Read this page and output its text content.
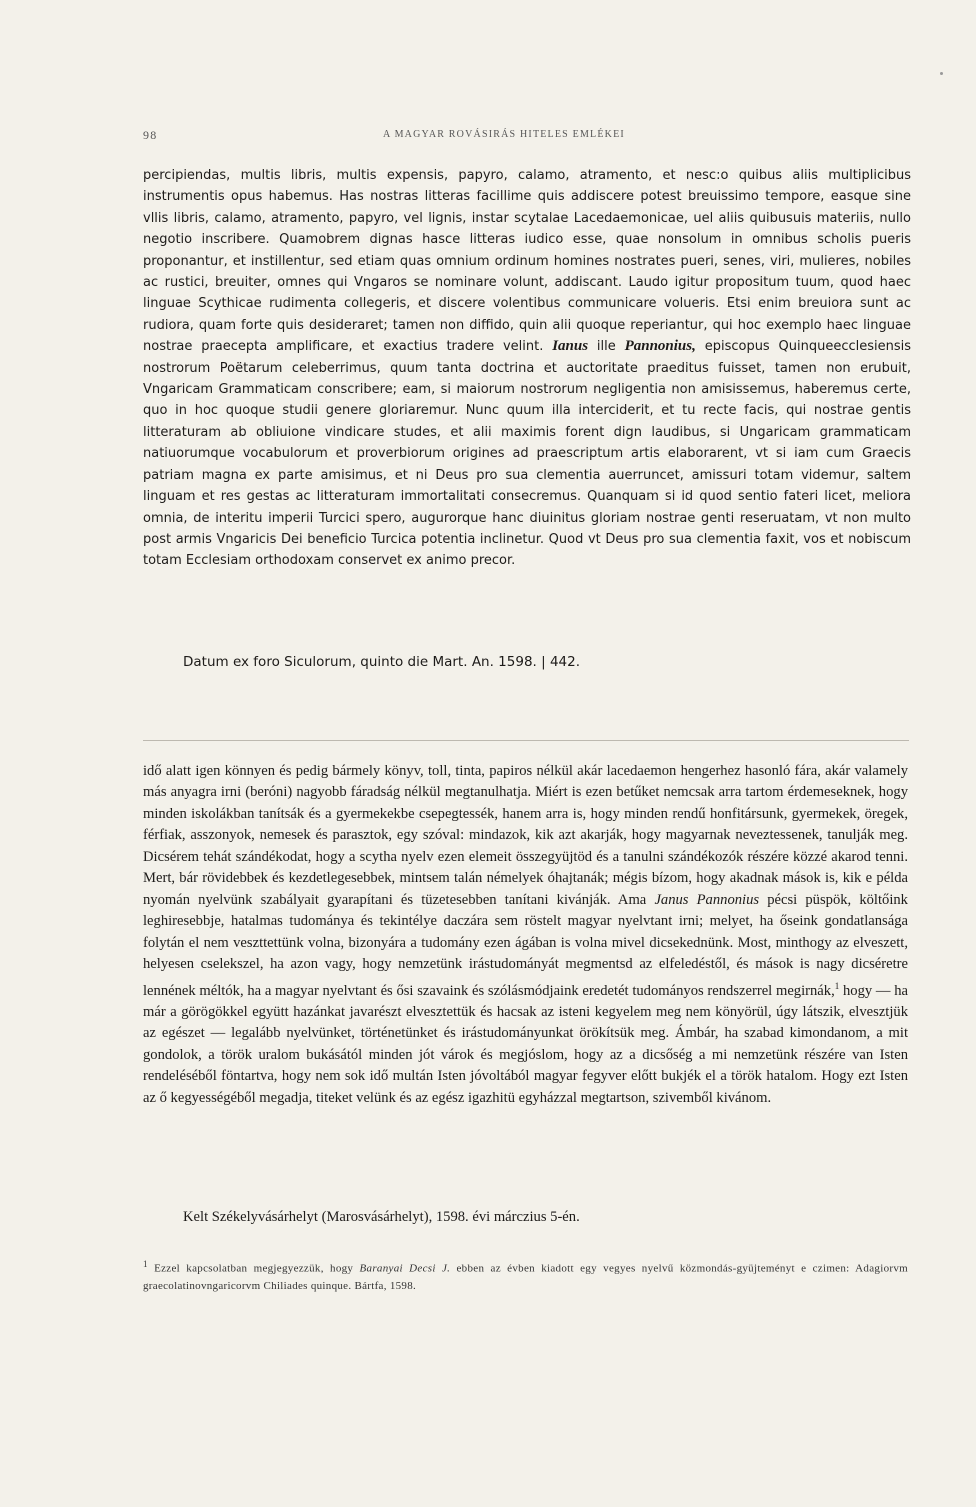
98	A MAGYAR ROVÁSIRÁS HITELES EMLÉKEI

percipiendas, multis libris, multis expensis, papyro, calamo, atramento, et nesc:o quibus aliis multiplicibus instrumentis opus habemus. Has nostras litteras facillime quis addiscere potest breuissimo tempore, easque sine vllis libris, calamo, atramento, papyro, vel lignis, instar scytalae Lacedaemonicae, uel aliis quibusuis materiis, nullo negotio inscribere. Quamobrem dignas hasce litteras iudico esse, quae nonsolum in omnibus scholis pueris proponantur, et instillentur, sed etiam quas omnium ordinum homines nostrates pueri, senes, viri, mulieres, nobiles ac rustici, breuiter, omnes qui Vngaros se nominare volunt, addiscant. Laudo igitur propositum tuum, quod haec linguae Scythicae rudimenta collegeris, et discere volentibus communicare volueris. Etsi enim breuiora sunt ac rudiora, quam forte quis desideraret; tamen non diffido, quin alii quoque reperiantur, qui hoc exemplo haec linguae nostrae praecepta amplificare, et exactius tradere velint. Ianus ille Pannonius, episcopus Quinqueecclesiensis nostrorum Poëtarum celeberrimus, quum tanta doctrina et auctoritate praeditus fuisset, tamen non erubuit, Vngaricam Grammaticam conscribere; eam, si maiorum nostrorum negligentia non amisissemus, haberemus certe, quo in hoc quoque studii genere gloriaremur. Nunc quum illa interciderit, et tu recte facis, qui nostrae gentis litteraturam ab obliuione vindicare studes, et alii maximis forent dign laudibus, si Ungaricam grammaticam natiuorumque vocabulorum et proverbiorum origines ad praescriptum artis elaborarent, vt si iam cum Graecis patriam magna ex parte amisimus, et ni Deus pro sua clementia auerruncet, amissuri totam videmur, saltem linguam et res gestas ac litteraturam immortalitati consecremus. Quanquam si id quod sentio fateri licet, meliora omnia, de interitu imperii Turcici spero, augurorque hanc diuinitus gloriam nostrae genti reseruatam, vt non multo post armis Vngaricis Dei beneficio Turcica potentia inclinetur. Quod vt Deus pro sua clementia faxit, vos et nobiscum totam Ecclesiam orthodoxam conservet ex animo precor.

Datum ex foro Siculorum, quinto die Mart. An. 1598. | 442.

idő alatt igen könnyen és pedig bármely könyv, toll, tinta, papiros nélkül akár lacedaemon hengerhez hasonló fára, akár valamely más anyagra irni (beróni) nagyobb fáradság nélkül megtanulhatja. Miért is ezen betűket nemcsak arra tartom érdemeseknek, hogy minden iskolákban tanítsák és a gyermekekbe csepegtessék, hanem arra is, hogy minden rendű honfitársunk, gyermekek, öregek, férfiak, asszonyok, nemesek és parasztok, egy szóval: mindazok, kik azt akarják, hogy magyarnak neveztessenek, tanulják meg. Dicsérem tehát szándékodat, hogy a scytha nyelv ezen elemeit összegyüjtöd és a tanulni szándékozók részére közzé akarod tenni. Mert, bár rövidebbek és kezdetlegesebbek, mintsem talán némelyek óhajtanák; mégis bízom, hogy akadnak mások is, kik e példa nyomán nyelvünk szabályait gyarapítani és tüzetesebben tanítani kivánják. Ama Janus Pannonius pécsi püspök, költőink leghiresebbje, hatalmas tudománya és tekintélye daczára sem röstelt magyar nyelvtant irni; melyet, ha őseink gondatlansága folytán el nem veszttettünk volna, bizonyára a tudomány ezen ágában is volna mivel dicsekednünk. Most, minthogy az elveszett, helyesen cselekszel, ha azon vagy, hogy nemzetünk irástudományát megmentsd az elfeledéstől, és mások is nagy dicséretre lennének méltók, ha a magyar nyelvtant és ősi szavaink és szólásmódjaink eredetét tudományos rendszerrel megirnák,$^1$ hogy — ha már a görögökkel együtt hazánkat javarészt elvesztettük és hacsak az isteni kegyelem meg nem könyörül, úgy látszik, elvesztjük az egészet — legalább nyelvünket, történetünket és irástudományunkat örökítsük meg. Ámbár, ha szabad kimondanom, a mit gondolok, a török uralom bukásától minden jót várok és megjóslom, hogy az a dicsőség a mi nemzetünk részére van Isten rendeléséből föntartva, hogy nem sok idő multán Isten jóvoltából magyar fegyver előtt bukjék el a török hatalom. Hogy ezt Isten az ő kegyességéből megadja, titeket velünk és az egész igazhitü egyházzal megtartson, szivemből kivánom.

Kelt Székelyvásárhelyt (Marosvásárhelyt), 1598. évi márczius 5-én.

$^1$ Ezzel kapcsolatban megjegyezzük, hogy Baranyai Decsi J. ebben az évben kiadott egy vegyes nyelvű közmondás-gyüjteményt e czimen: Adagiorvm graecolatinovngaricorvm Chiliades quinque. Bártfa, 1598.
